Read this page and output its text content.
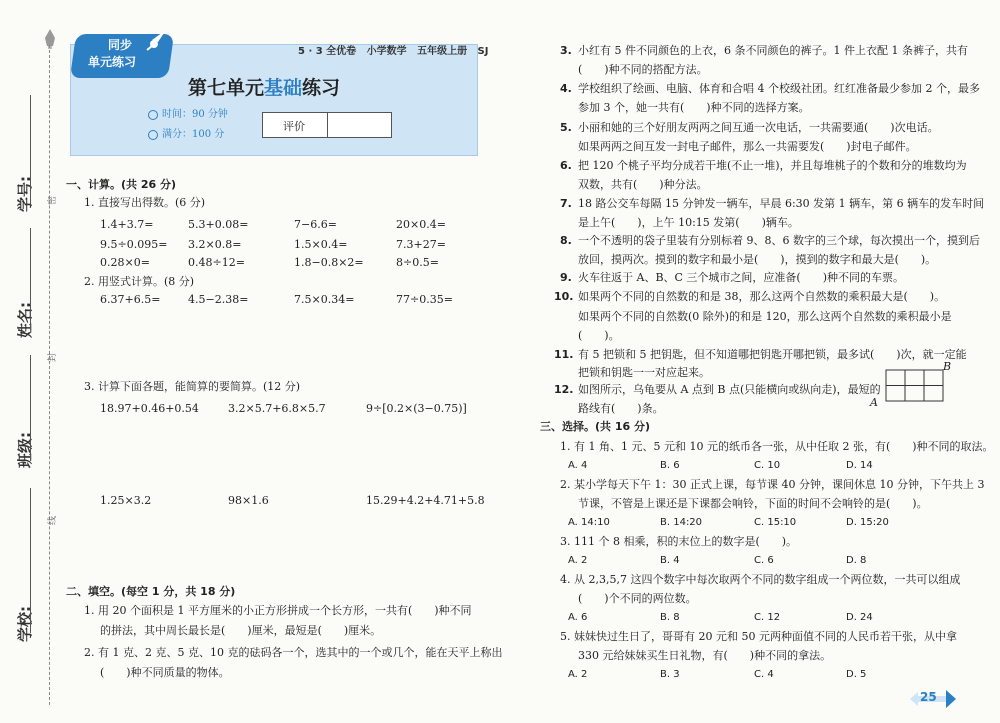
密
封
线
学号:
姓名:
班级:
学校:
同步
单元练习
5 · 3 全优卷 小学数学 五年级上册 SJ
第七单元基础练习
时间：90 分钟
满分：100 分
评价
一、计算。(共 26 分)
1. 直接写出得数。(6 分)
1.4+3.7=	5.3+0.08=	7−6.6=	20×0.4=
9.5÷0.095= 3.2×0.8=	1.5×0.4=	7.3+27=
0.28×0=	0.48÷12=	1.8−0.8×2=	8÷0.5=
2. 用竖式计算。(8 分)
6.37+6.5=	4.5−2.38=	7.5×0.34=	77÷0.35=
3. 计算下面各题，能简算的要简算。(12 分)
18.97+0.46+0.54	3.2×5.7+6.8×5.7	9÷[0.2×(3−0.75)]
1.25×3.2	98×1.6	15.29+4.2+4.71+5.8
二、填空。(每空 1 分，共 18 分)
1. 用 20 个面积是 1 平方厘米的小正方形拼成一个长方形，一共有(　　)种不同
的拼法，其中周长最长是(　　)厘米，最短是(　　)厘米。
2. 有 1 克、2 克、5 克、10 克的砝码各一个，选其中的一个或几个，能在天平上称出
(　　)种不同质量的物体。
3. 小红有 5 件不同颜色的上衣，6 条不同颜色的裤子。1 件上衣配 1 条裤子，共有
(　　)种不同的搭配方法。
4. 学校组织了绘画、电脑、体育和合唱 4 个校级社团。红红准备最少参加 2 个，最多
参加 3 个，她一共有(　　)种不同的选择方案。
5. 小丽和她的三个好朋友两两之间互通一次电话，一共需要通(　　)次电话。
如果两两之间互发一封电子邮件，那么一共需要发(　　)封电子邮件。
6. 把 120 个桃子平均分成若干堆(不止一堆)，并且每堆桃子的个数和分的堆数均为
双数，共有(　　)种分法。
7. 18 路公交车每隔 15 分钟发一辆车，早晨 6:30 发第 1 辆车，第 6 辆车的发车时间
是上午(　　)，上午 10:15 发第(　　)辆车。
8. 一个不透明的袋子里装有分别标着 9、8、6 数字的三个球，每次摸出一个，摸到后
放回，摸两次。摸到的数字和最小是(　　)，摸到的数字和最大是(　　)。
9. 火车往返于 A、B、C 三个城市之间，应准备(　　)种不同的车票。
10. 如果两个不同的自然数的和是 38，那么这两个自然数的乘积最大是(　　)。
如果两个不同的自然数(0 除外)的和是 120，那么这两个自然数的乘积最小是
(　　)。
11. 有 5 把锁和 5 把钥匙，但不知道哪把钥匙开哪把锁，最多试(　　)次，就一定能
把锁和钥匙一一对应起来。
12. 如图所示，乌龟要从 A 点到 B 点(只能横向或纵向走)，最短的
路线有(　　)条。	A
B
三、选择。(共 16 分)
1. 有 1 角、1 元、5 元和 10 元的纸币各一张，从中任取 2 张，有(　　)种不同的取法。
A. 4	B. 6	C. 10	D. 14
2. 某小学每天下午 1：30 正式上课，每节课 40 分钟，课间休息 10 分钟，下午共上 3
节课，不管是上课还是下课都会响铃，下面的时间不会响铃的是(　　)。
A. 14:10	B. 14:20	C. 15:10	D. 15:20
3. 111 个 8 相乘，积的末位上的数字是(　　)。
A. 2	B. 4	C. 6	D. 8
4. 从 2,3,5,7 这四个数字中每次取两个不同的数字组成一个两位数，一共可以组成
(　　)个不同的两位数。
A. 6	B. 8	C. 12	D. 24
5. 妹妹快过生日了，哥哥有 20 元和 50 元两种面值不同的人民币若干张，从中拿
330 元给妹妹买生日礼物，有(　　)种不同的拿法。
A. 2	B. 3	C. 4	D. 5
25
